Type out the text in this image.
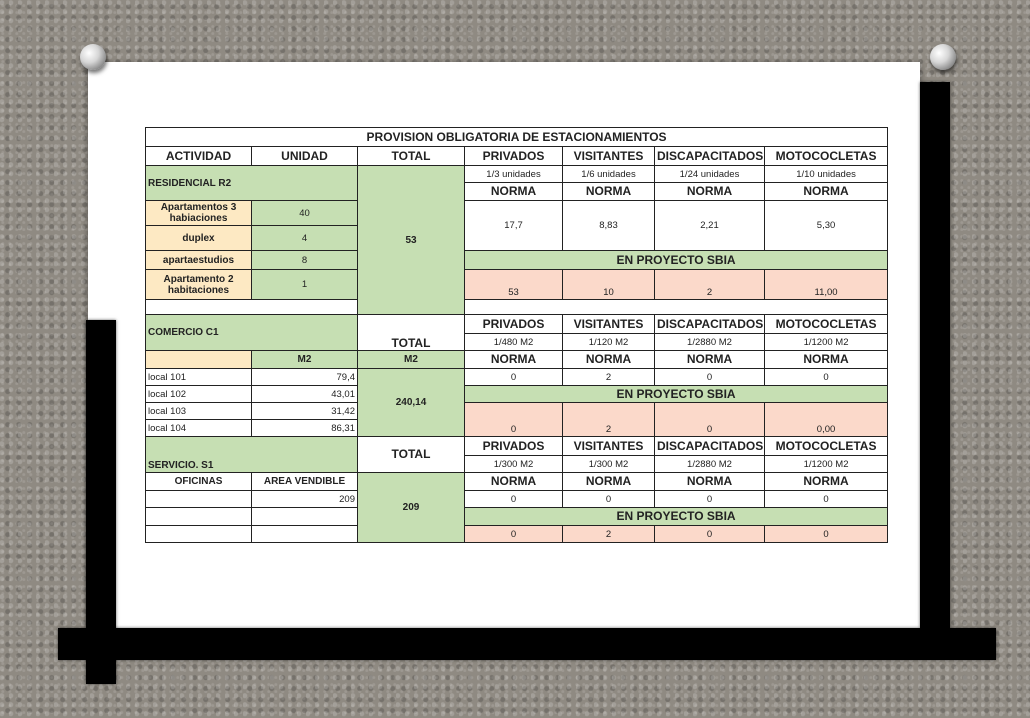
PROVISION OBLIGATORIA DE ESTACIONAMIENTOS						
ACTIVIDAD	UNIDAD	TOTAL	PRIVADOS	VISITANTES	DISCAPACITADOS	MOTOCOCLETAS
RESIDENCIAL R2		53	1/3 unidades	1/6 unidades	1/24 unidades	1/10 unidades
			NORMA	NORMA	NORMA	NORMA
Apartamentos 3 habiaciones	40		17,7	8,83	2,21	5,30
duplex	4					
apartaestudios	8		EN PROYECTO SBIA			
Apartamento 2 habitaciones	1		53	10	2	11,00

COMERCIO C1		TOTAL	PRIVADOS	VISITANTES	DISCAPACITADOS	MOTOCOCLETAS
			1/480 M2	1/120 M2	1/2880 M2	1/1200 M2
	M2	M2	NORMA	NORMA	NORMA	NORMA
local 101	79,4	240,14	0	2	0	0
local 102	43,01		EN PROYECTO SBIA			
local 103	31,42		0	2	0	0,00
local 104	86,31					
SERVICIO. S1		TOTAL	PRIVADOS	VISITANTES	DISCAPACITADOS	MOTOCOCLETAS
			1/300 M2	1/300 M2	1/2880 M2	1/1200 M2
OFICINAS	AREA VENDIBLE	209	NORMA	NORMA	NORMA	NORMA
	209		0	0	0	0
			EN PROYECTO SBIA			
			0	2	0	0
